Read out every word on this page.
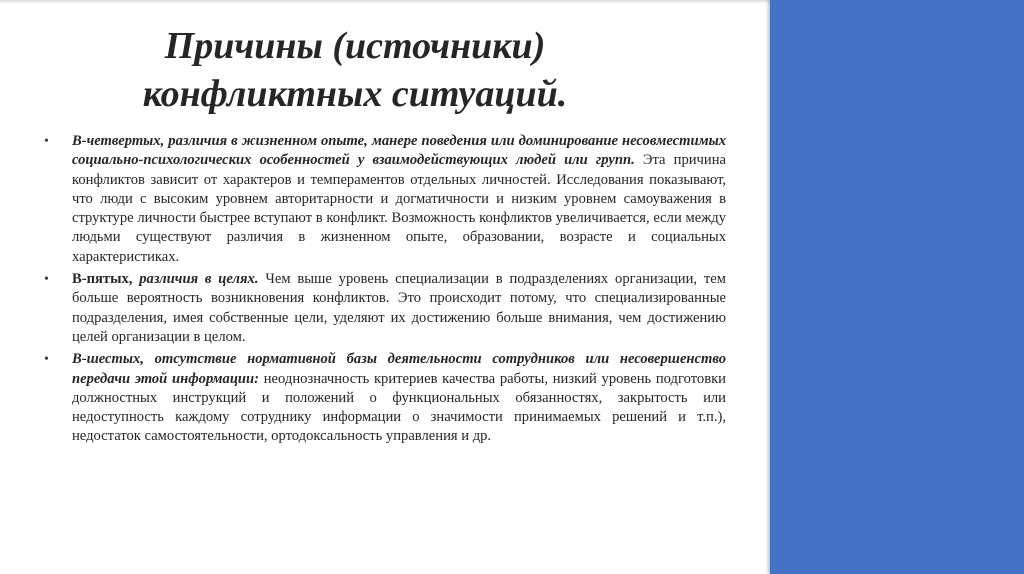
Причины (источники)
конфликтных ситуаций.
• В-четвертых, различия в жизненном опыте, манере поведения или доминирование несовместимых социально-психологических особенностей у взаимодействующих людей или групп. Эта причина конфликтов зависит от характеров и темпераментов отдельных личностей. Исследования показывают, что люди с высоким уровнем авторитарности и догматичности и низким уровнем самоуважения в структуре личности быстрее вступают в конфликт. Возможность конфликтов увеличивается, если между людьми существуют различия в жизненном опыте, образовании, возрасте и социальных характеристиках.
• В-пятых, различия в целях. Чем выше уровень специализации в подразделениях организации, тем больше вероятность возникновения конфликтов. Это происходит потому, что специализированные подразделения, имея собственные цели, уделяют их достижению больше внимания, чем достижению целей организации в целом.
• В-шестых, отсутствие нормативной базы деятельности сотрудников или несовершенство передачи этой информации: неоднозначность критериев качества работы, низкий уровень подготовки должностных инструкций и положений о функциональных обязанностях, закрытость или недоступность каждому сотруднику информации о значимости принимаемых решений и т.п.), недостаток самостоятельности, ортодоксальность управления и др.
